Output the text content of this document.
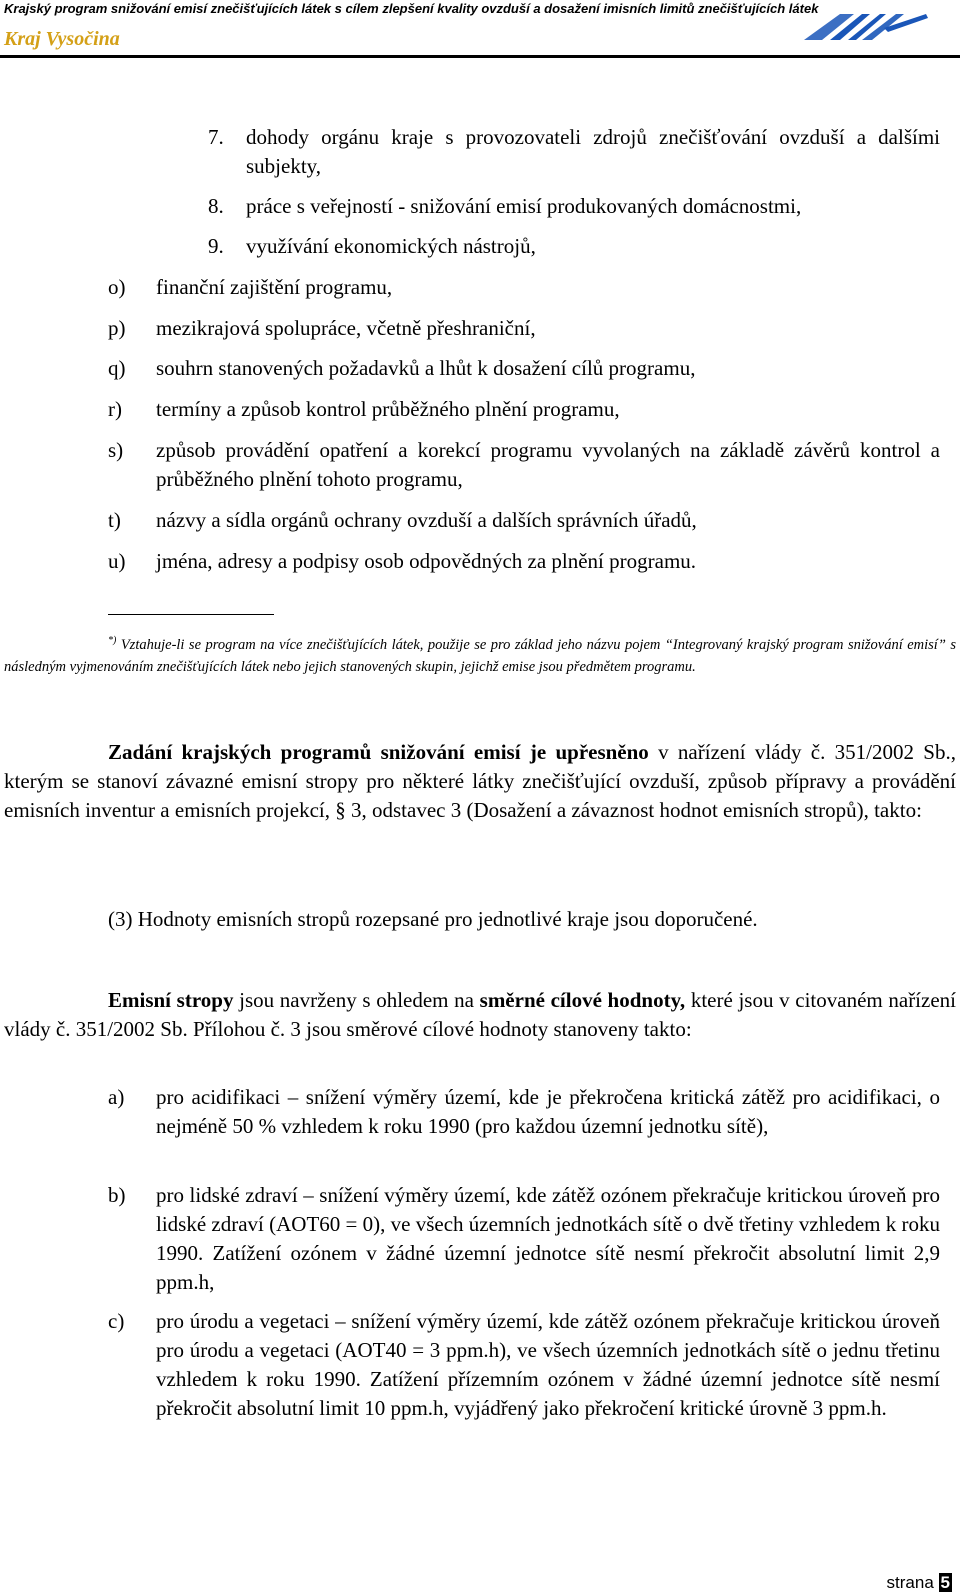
Krajský program snižování emisí znečišťujících látek s cílem zlepšení kvality ovzduší a dosažení imisních limitů znečišťujících látek
Kraj Vysočina
7. dohody orgánu kraje s provozovateli zdrojů znečišťování ovzduší a dalšími subjekty,
8. práce s veřejností - snižování emisí produkovaných domácnostmi,
9. využívání ekonomických nástrojů,
o) finanční zajištění programu,
p) mezikrajová spolupráce, včetně přeshraniční,
q) souhrn stanovených požadavků a lhůt k dosažení cílů programu,
r) termíny a způsob kontrol průběžného plnění programu,
s) způsob provádění opatření a korekcí programu vyvolaných na základě závěrů kontrol a průběžného plnění tohoto programu,
t) názvy a sídla orgánů ochrany ovzduší a dalších správních úřadů,
u) jména, adresy a podpisy osob odpovědných za plnění programu.
*) Vztahuje-li se program na více znečišťujících látek, použije se pro základ jeho názvu pojem “Integrovaný krajský program snižování emisí” s následným vyjmenováním znečišťujících látek nebo jejich stanovených skupin, jejichž emise jsou předmětem programu.
Zadání krajských programů snižování emisí je upřesněno v nařízení vlády č. 351/2002 Sb., kterým se stanoví závazné emisní stropy pro některé látky znečišťující ovzduší, způsob přípravy a provádění emisních inventur a emisních projekcí, § 3, odstavec 3 (Dosažení a závaznost hodnot emisních stropů), takto:
(3) Hodnoty emisních stropů rozepsané pro jednotlivé kraje jsou doporučené.
Emisní stropy jsou navrženy s ohledem na směrné cílové hodnoty, které jsou v citovaném nařízení vlády č. 351/2002 Sb. Přílohou č. 3 jsou směrové cílové hodnoty stanoveny takto:
a) pro acidifikaci – snížení výměry území, kde je překročena kritická zátěž pro acidifikaci, o nejméně 50 % vzhledem k roku 1990 (pro každou územní jednotku sítě),
b) pro lidské zdraví – snížení výměry území, kde zátěž ozónem překračuje kritickou úroveň pro lidské zdraví (AOT60 = 0), ve všech územních jednotkách sítě o dvě třetiny vzhledem k roku 1990. Zatížení ozónem v žádné územní jednotce sítě nesmí překročit absolutní limit 2,9 ppm.h,
c) pro úrodu a vegetaci – snížení výměry území, kde zátěž ozónem překračuje kritickou úroveň pro úrodu a vegetaci (AOT40 = 3 ppm.h), ve všech územních jednotkách sítě o jednu třetinu vzhledem k roku 1990. Zatížení přízemním ozónem v žádné územní jednotce sítě nesmí překročit absolutní limit 10 ppm.h, vyjádřený jako překročení kritické úrovně 3 ppm.h.
strana 5
